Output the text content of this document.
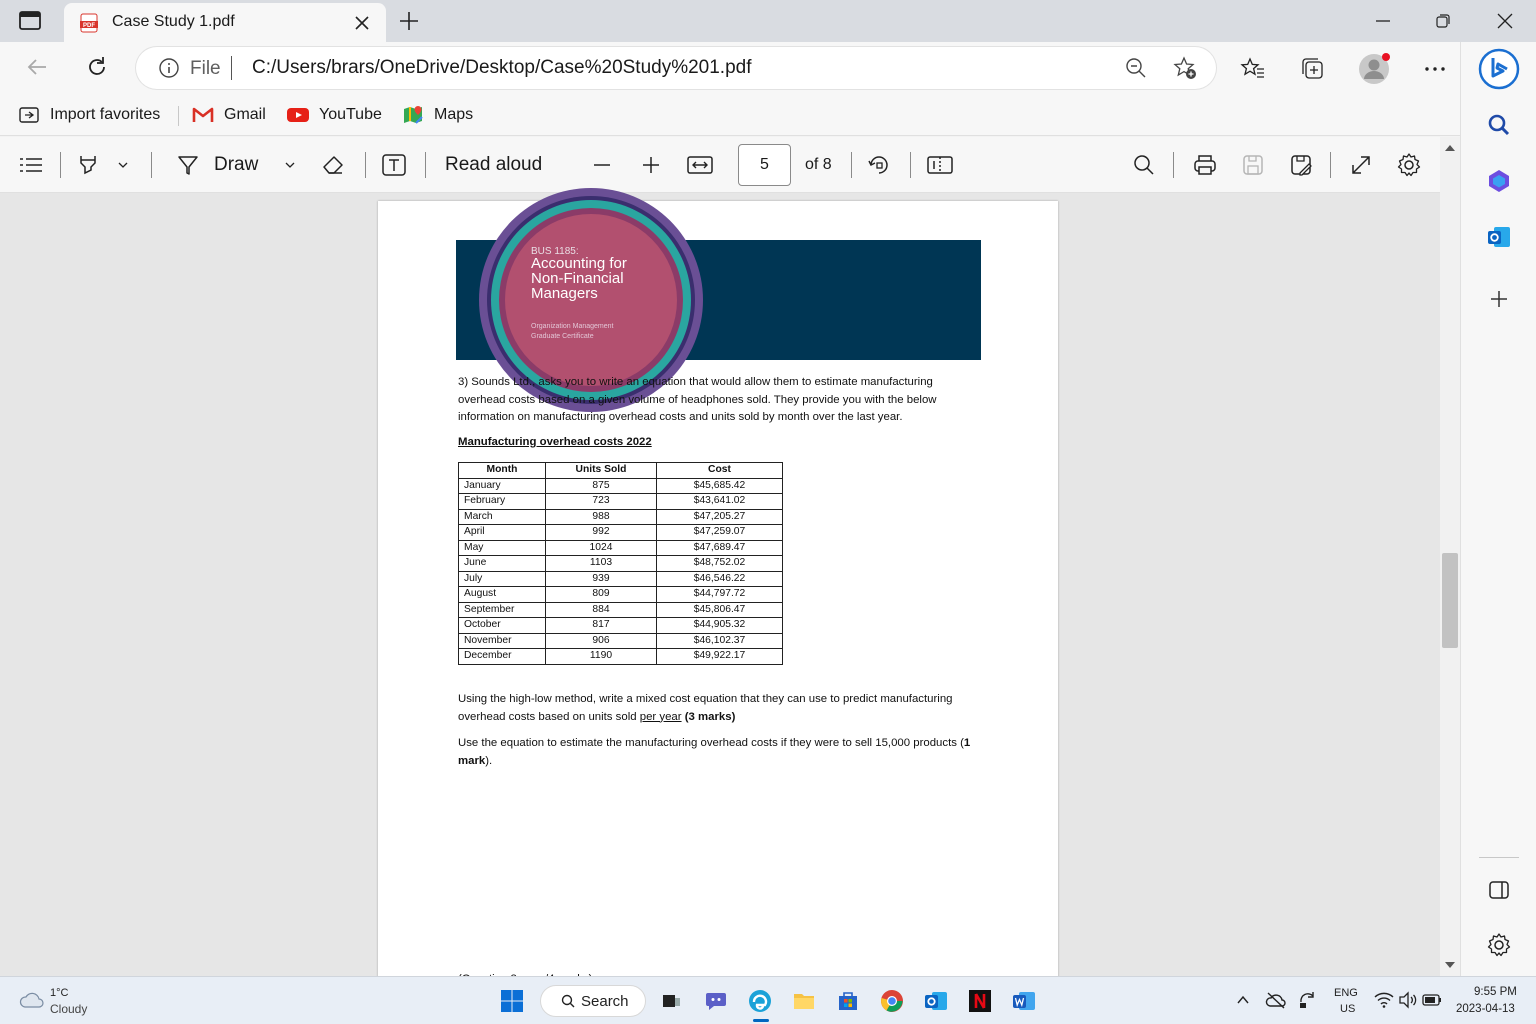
PDF Case Study 1.pdf
File C:/Users/brars/OneDrive/Desktop/Case%20Study%201.pdf
Import favorites	Gmail	YouTube	Maps
Draw	Read aloud	5	of 8
BUS 1185:
Accounting for Non-Financial Managers
Organization Management Graduate Certificate

3) Sounds Ltd., asks you to write an equation that would allow them to estimate manufacturing overhead costs based on a given volume of headphones sold. They provide you with the below information on manufacturing overhead costs and units sold by month over the last year.

Manufacturing overhead costs 2022
Month	Units Sold	Cost
January	875	$45,685.42
February	723	$43,641.02
March	988	$47,205.27
April	992	$47,259.07
May	1024	$47,689.47
June	1103	$48,752.02
July	939	$46,546.22
August	809	$44,797.72
September	884	$45,806.47
October	817	$44,905.32
November	906	$46,102.37
December	1190	$49,922.17

Using the high-low method, write a mixed cost equation that they can use to predict manufacturing overhead costs based on units sold per year (3 marks)

Use the equation to estimate the manufacturing overhead costs if they were to sell 15,000 products (1 mark).

1°C
Cloudy	Search	ENG
US
9:55 PM
2023-04-13
